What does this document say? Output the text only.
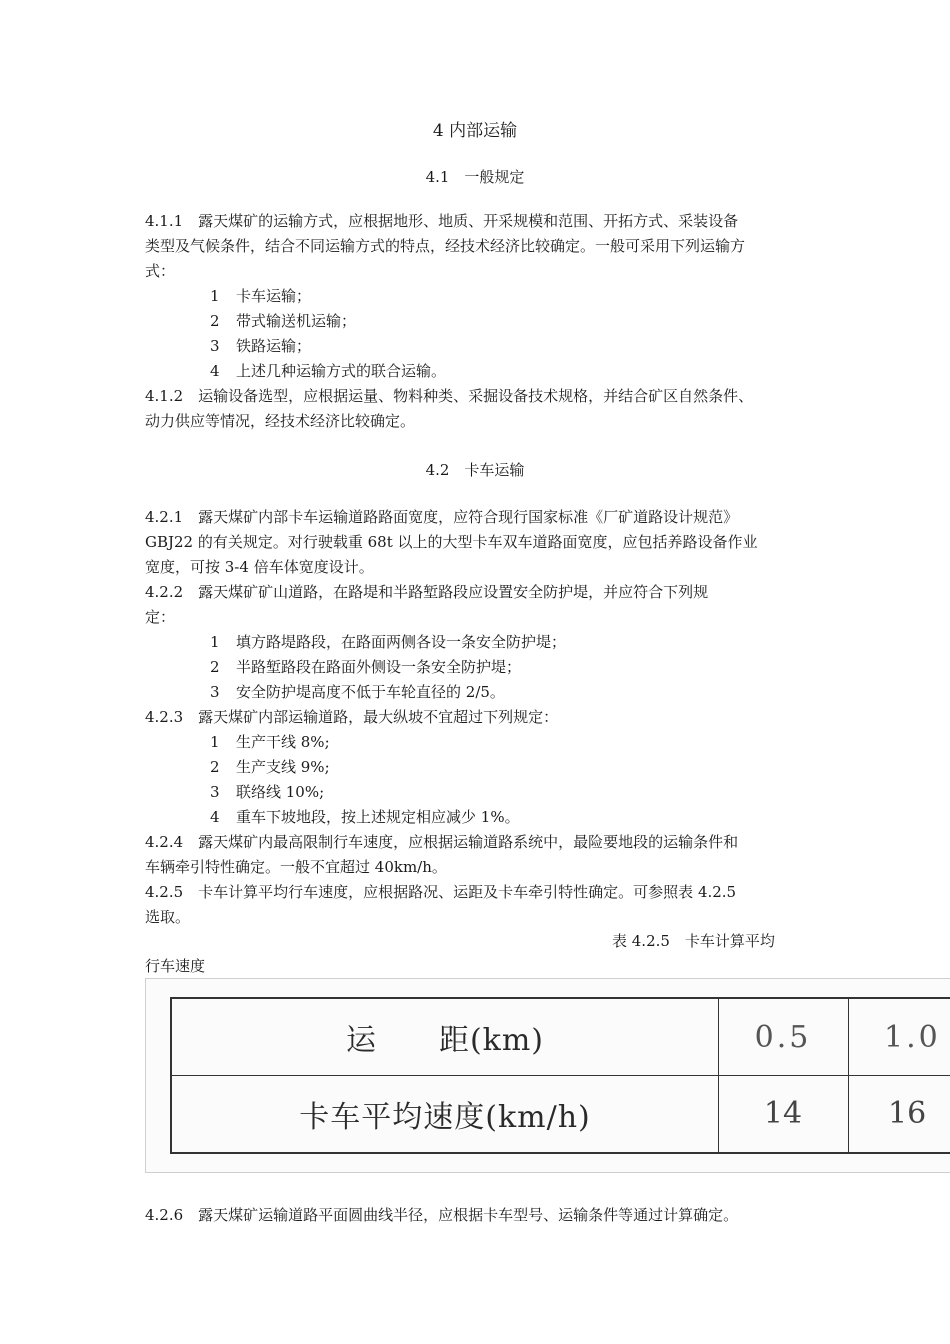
4 内部运输
4.1　一般规定
4.1.1　露天煤矿的运输方式，应根据地形、地质、开采规模和范围、开拓方式、采装设备
类型及气候条件，结合不同运输方式的特点，经技术经济比较确定。一般可采用下列运输方
式：
1 卡车运输；
2 带式输送机运输；
3 铁路运输；
4 上述几种运输方式的联合运输。
4.1.2　运输设备选型，应根据运量、物料种类、采掘设备技术规格，并结合矿区自然条件、
动力供应等情况，经技术经济比较确定。
4.2　卡车运输
4.2.1　露天煤矿内部卡车运输道路路面宽度，应符合现行国家标准《厂矿道路设计规范》
GBJ22 的有关规定。对行驶载重 68t 以上的大型卡车双车道路面宽度，应包括养路设备作业
宽度，可按 3-4 倍车体宽度设计。
4.2.2　露天煤矿矿山道路，在路堤和半路堑路段应设置安全防护堤，并应符合下列规
定：
1 填方路堤路段，在路面两侧各设一条安全防护堤；
2 半路堑路段在路面外侧设一条安全防护堤；
3 安全防护堤高度不低于车轮直径的 2/5。
4.2.3　露天煤矿内部运输道路，最大纵坡不宜超过下列规定：
1 生产干线 8%;
2 生产支线 9%;
3 联络线 10%;
4 重车下坡地段，按上述规定相应减少 1%。
4.2.4　露天煤矿内最高限制行车速度，应根据运输道路系统中，最险要地段的运输条件和
车辆牵引特性确定。一般不宜超过 40km/h。
4.2.5　卡车计算平均行车速度，应根据路况、运距及卡车牵引特性确定。可参照表 4.2.5
选取。
表 4.2.5　卡车计算平均
行车速度
运　　距(km)	0.5	1.0
卡车平均速度(km/h)	14	16
4.2.6　露天煤矿运输道路平面圆曲线半径，应根据卡车型号、运输条件等通过计算确定。
